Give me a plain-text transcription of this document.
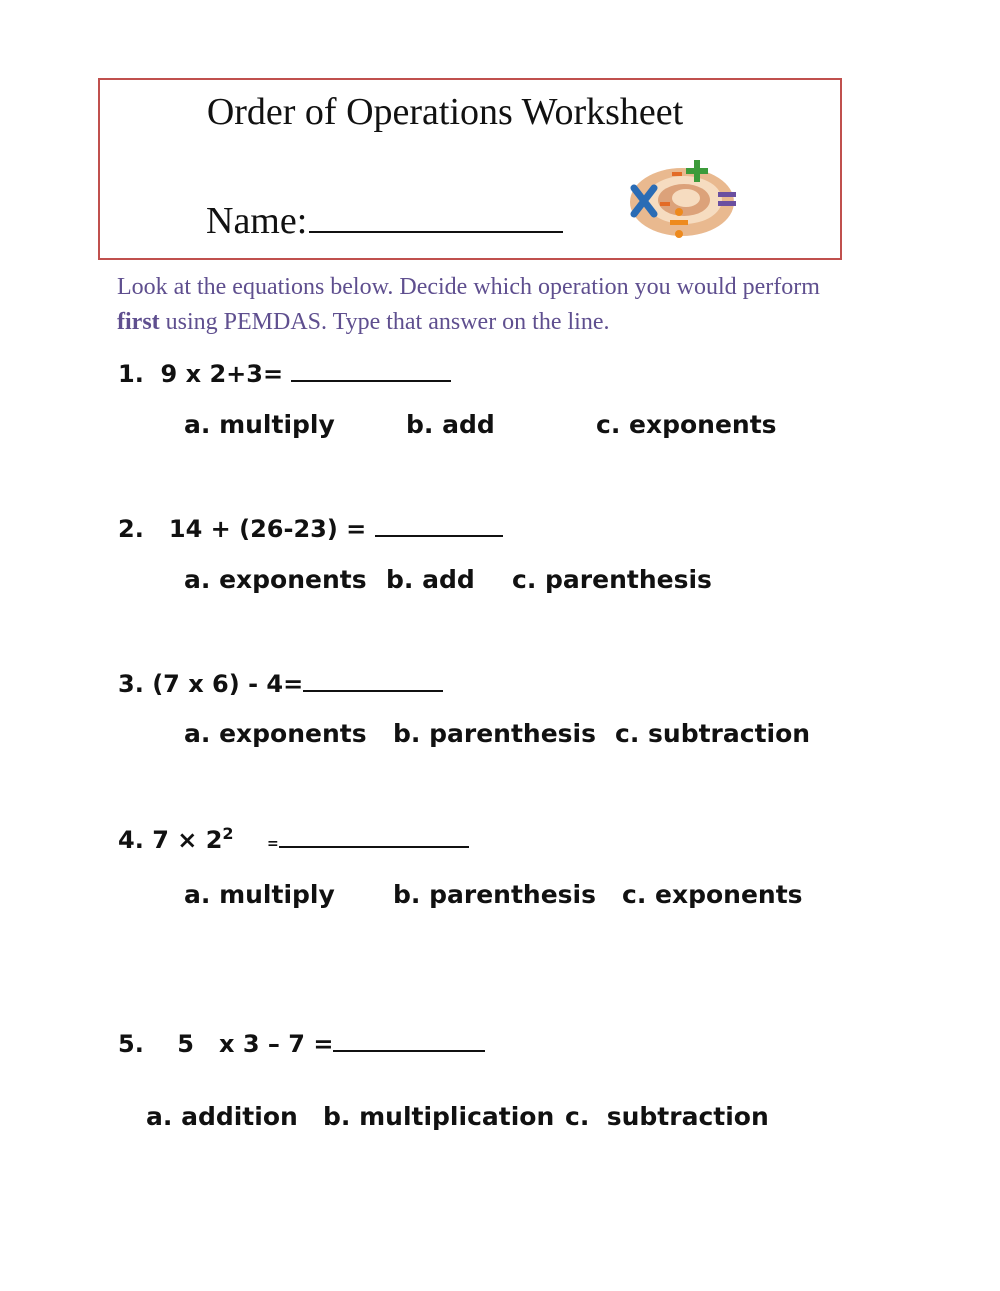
Order of Operations Worksheet
Name:
Look at the equations below. Decide which operation you would perform first using PEMDAS. Type that answer on the line.
1. 9 x 2+3=
a. multiply	b. add	c. exponents
2. 14 + (26-23) =
a. exponents b. add c. parenthesis
3. (7 x 6) - 4=
a. exponents b. parenthesis c. subtraction
4. $7 \times 2^2$    =
a. multiply b. parenthesis c. exponents
5. 5   x 3 – 7 =
a. addition b. multiplication c.  subtraction
